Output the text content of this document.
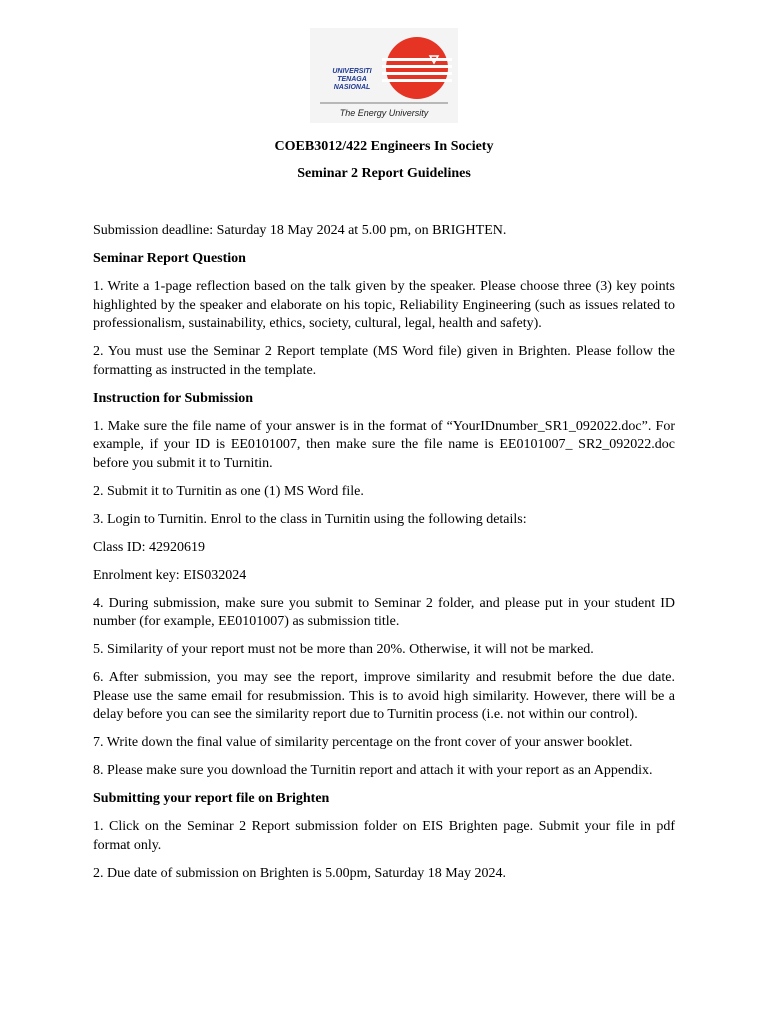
UNIVERSITI
TENAGA
NASIONAL
The Energy University
COEB3012/422 Engineers In Society
Seminar 2 Report Guidelines

Submission deadline: Saturday 18 May 2024 at 5.00 pm, on BRIGHTEN.

Seminar Report Question

1. Write a 1-page reflection based on the talk given by the speaker. Please choose three (3) key points highlighted by the speaker and elaborate on his topic, Reliability Engineering (such as issues related to professionalism, sustainability, ethics, society, cultural, legal, health and safety).

2. You must use the Seminar 2 Report template (MS Word file) given in Brighten. Please follow the formatting as instructed in the template.

Instruction for Submission

1. Make sure the file name of your answer is in the format of “YourIDnumber_SR1_092022.doc”. For example, if your ID is EE0101007, then make sure the file name is EE0101007_ SR2_092022.doc before you submit it to Turnitin.

2. Submit it to Turnitin as one (1) MS Word file.

3. Login to Turnitin. Enrol to the class in Turnitin using the following details:

Class ID: 42920619

Enrolment key: EIS032024

4. During submission, make sure you submit to Seminar 2 folder, and please put in your student ID number (for example, EE0101007) as submission title.

5. Similarity of your report must not be more than 20%. Otherwise, it will not be marked.

6. After submission, you may see the report, improve similarity and resubmit before the due date. Please use the same email for resubmission. This is to avoid high similarity. However, there will be a delay before you can see the similarity report due to Turnitin process (i.e. not within our control).

7. Write down the final value of similarity percentage on the front cover of your answer booklet.

8. Please make sure you download the Turnitin report and attach it with your report as an Appendix.

Submitting your report file on Brighten

1. Click on the Seminar 2 Report submission folder on EIS Brighten page. Submit your file in pdf format only.

2. Due date of submission on Brighten is 5.00pm, Saturday 18 May 2024.
